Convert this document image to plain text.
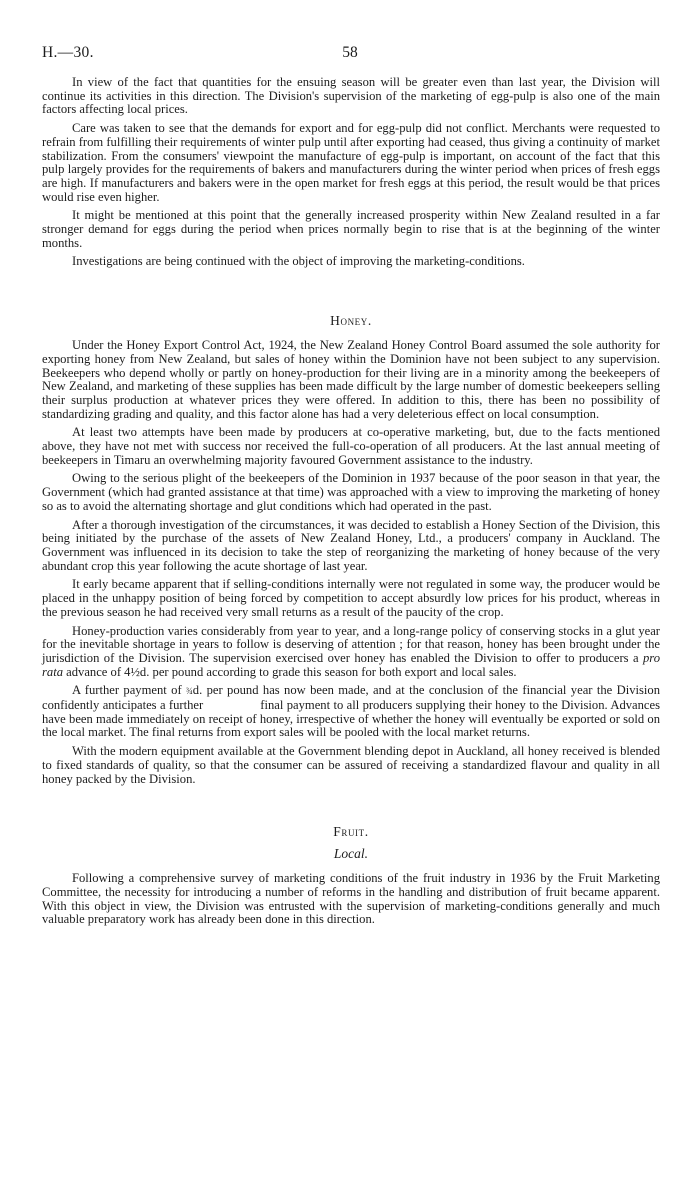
H.—30.	58

In view of the fact that quantities for the ensuing season will be greater even than last year, the Division will continue its activities in this direction. The Division's supervision of the marketing of egg-pulp is also one of the main factors affecting local prices.

Care was taken to see that the demands for export and for egg-pulp did not conflict. Merchants were requested to refrain from fulfilling their requirements of winter pulp until after exporting had ceased, thus giving a continuity of market stabilization. From the consumers' viewpoint the manufacture of egg-pulp is important, on account of the fact that this pulp largely provides for the requirements of bakers and manufacturers during the winter period when prices of fresh eggs are high. If manufacturers and bakers were in the open market for fresh eggs at this period, the result would be that prices would rise even higher.

It might be mentioned at this point that the generally increased prosperity within New Zealand resulted in a far stronger demand for eggs during the period when prices normally begin to rise that is at the beginning of the winter months.

Investigations are being continued with the object of improving the marketing-conditions.

Honey.

Under the Honey Export Control Act, 1924, the New Zealand Honey Control Board assumed the sole authority for exporting honey from New Zealand, but sales of honey within the Dominion have not been subject to any supervision. Beekeepers who depend wholly or partly on honey-production for their living are in a minority among the beekeepers of New Zealand, and marketing of these supplies has been made difficult by the large number of domestic beekeepers selling their surplus production at whatever prices they were offered. In addition to this, there has been no possibility of standardizing grading and quality, and this factor alone has had a very deleterious effect on local consumption.

At least two attempts have been made by producers at co-operative marketing, but, due to the facts mentioned above, they have not met with success nor received the full-co-operation of all producers. At the last annual meeting of beekeepers in Timaru an overwhelming majority favoured Government assistance to the industry.

Owing to the serious plight of the beekeepers of the Dominion in 1937 because of the poor season in that year, the Government (which had granted assistance at that time) was approached with a view to improving the marketing of honey so as to avoid the alternating shortage and glut conditions which had operated in the past.

After a thorough investigation of the circumstances, it was decided to establish a Honey Section of the Division, this being initiated by the purchase of the assets of New Zealand Honey, Ltd., a producers' company in Auckland. The Government was influenced in its decision to take the step of reorganizing the marketing of honey because of the very abundant crop this year following the acute shortage of last year.

It early became apparent that if selling-conditions internally were not regulated in some way, the producer would be placed in the unhappy position of being forced by competition to accept absurdly low prices for his product, whereas in the previous season he had received very small returns as a result of the paucity of the crop.

Honey-production varies considerably from year to year, and a long-range policy of conserving stocks in a glut year for the inevitable shortage in years to follow is deserving of attention ; for that reason, honey has been brought under the jurisdiction of the Division. The supervision exercised over honey has enabled the Division to offer to producers a pro rata advance of 4½d. per pound according to grade this season for both export and local sales.

A further payment of ¾d. per pound has now been made, and at the conclusion of the financial year the Division confidently anticipates a further      final payment to all producers supplying their honey to the Division. Advances have been made immediately on receipt of honey, irrespective of whether the honey will eventually be exported or sold on the local market. The final returns from export sales will be pooled with the local market returns.

With the modern equipment available at the Government blending depot in Auckland, all honey received is blended to fixed standards of quality, so that the consumer can be assured of receiving a standardized flavour and quality in all honey packed by the Division.

Fruit.
Local.

Following a comprehensive survey of marketing conditions of the fruit industry in 1936 by the Fruit Marketing Committee, the necessity for introducing a number of reforms in the handling and distribution of fruit became apparent. With this object in view, the Division was entrusted with the supervision of marketing-conditions generally and much valuable preparatory work has already been done in this direction.
